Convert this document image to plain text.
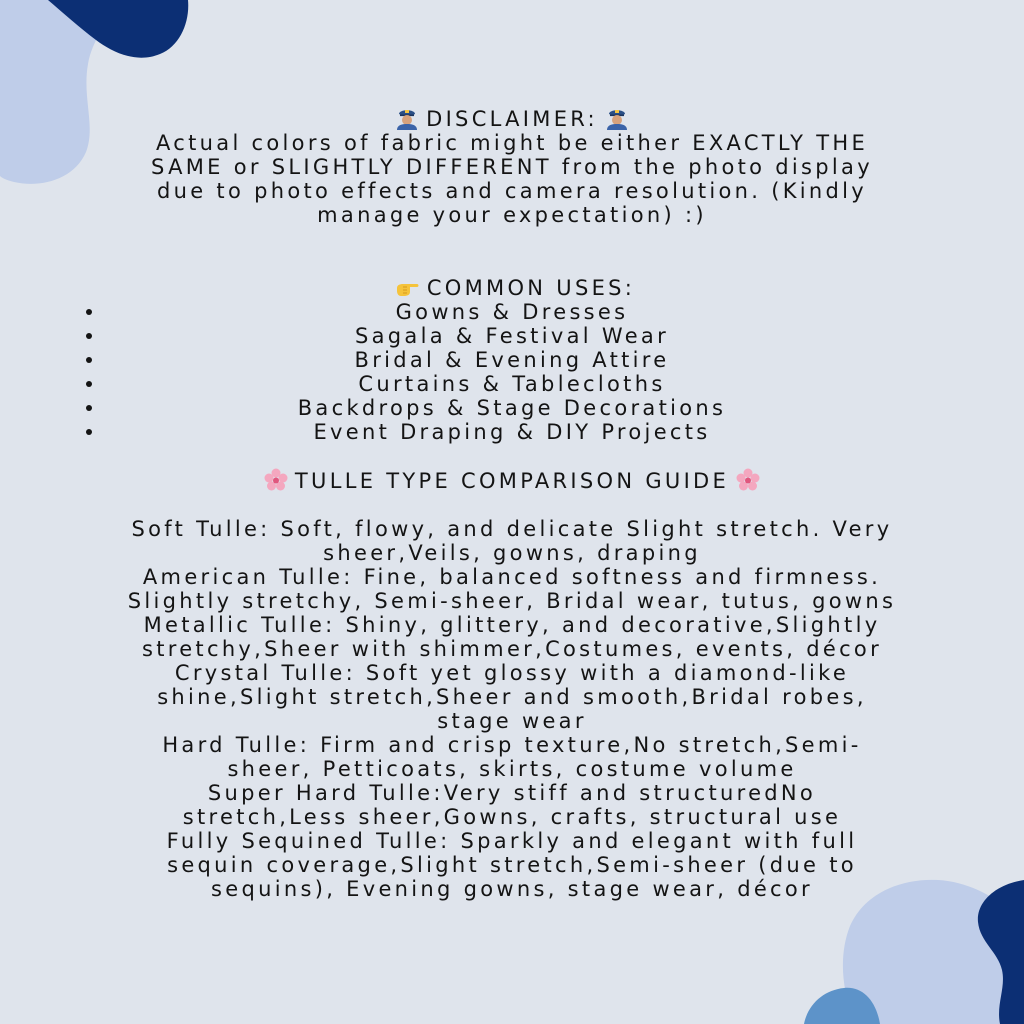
DISCLAIMER:
Actual colors of fabric might be either EXACTLY THE
SAME or SLIGHTLY DIFFERENT from the photo display
due to photo effects and camera resolution. (Kindly
manage your expectation) :)
COMMON USES:
Gowns & Dresses
Sagala & Festival Wear
Bridal & Evening Attire
Curtains & Tablecloths
Backdrops & Stage Decorations
Event Draping & DIY Projects
TULLE TYPE COMPARISON GUIDE
Soft Tulle: Soft, flowy, and delicate Slight stretch. Very
sheer,Veils, gowns, draping
American Tulle: Fine, balanced softness and firmness.
Slightly stretchy, Semi-sheer, Bridal wear, tutus, gowns
Metallic Tulle: Shiny, glittery, and decorative,Slightly
stretchy,Sheer with shimmer,Costumes, events, décor
Crystal Tulle: Soft yet glossy with a diamond-like
shine,Slight stretch,Sheer and smooth,Bridal robes,
stage wear
Hard Tulle: Firm and crisp texture,No stretch,Semi-
sheer, Petticoats, skirts, costume volume
Super Hard Tulle:Very stiff and structuredNo
stretch,Less sheer,Gowns, crafts, structural use
Fully Sequined Tulle: Sparkly and elegant with full
sequin coverage,Slight stretch,Semi-sheer (due to
sequins), Evening gowns, stage wear, décor
